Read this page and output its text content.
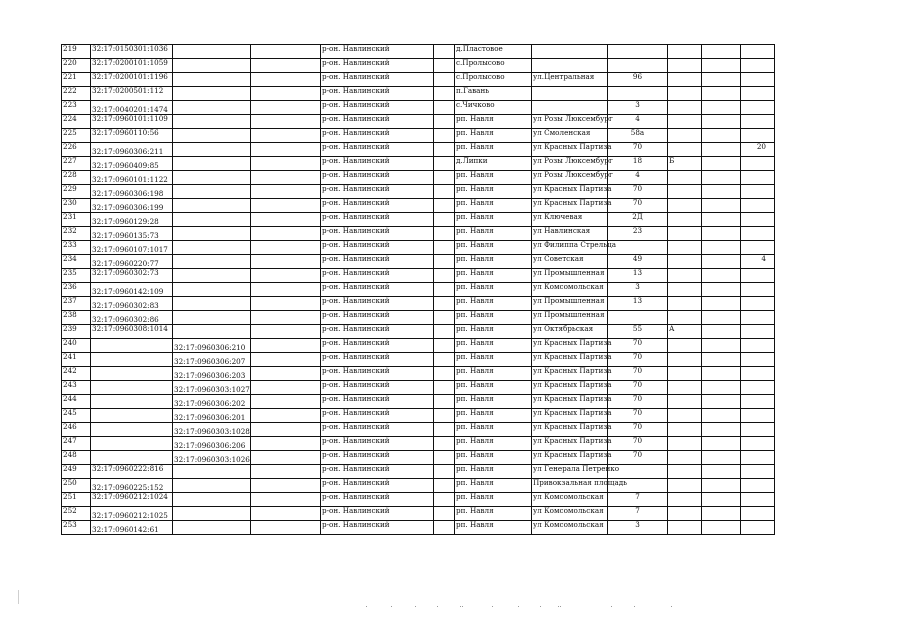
219	32:17:0150301:1036			р-он. Навлинский		д.Пластовое					
220	32:17:0200101:1059			р-он. Навлинский		с.Пролысово					
221	32:17:0200101:1196			р-он. Навлинский		с.Пролысово	ул.Центральная	96			
222	32:17:0200501:112			р-он. Навлинский		п.Гавань					
223	32:17:0040201:1474			р-он. Навлинский		с.Чичково		3			
224	32:17:0960101:1109			р-он. Навлинский		рп. Навля	ул Розы Люксембург	4			
225	32:17:0960110:56			р-он. Навлинский		рп. Навля	ул Смоленская	58а			
226	32:17:0960306:211			р-он. Навлинский		рп. Навля	ул Красных Партиза	70			20
227	32:17:0960409:85			р-он. Навлинский		д.Липки	ул Розы Люксембург	18	Б		
228	32:17:0960101:1122			р-он. Навлинский		рп. Навля	ул Розы Люксембург	4			
229	32:17:0960306:198			р-он. Навлинский		рп. Навля	ул Красных Партиза	70			
230	32:17:0960306:199			р-он. Навлинский		рп. Навля	ул Красных Партиза	70			
231	32:17:0960129:28			р-он. Навлинский		рп. Навля	ул Ключевая	2Д			
232	32:17:0960135:73			р-он. Навлинский		рп. Навля	ул Навлинская	23			
233	32:17:0960107:1017			р-он. Навлинский		рп. Навля	ул Филиппа Стрельца				
234	32:17:0960220:77			р-он. Навлинский		рп. Навля	ул Советская	49			4
235	32:17:0960302:73			р-он. Навлинский		рп. Навля	ул Промышленная	13			
236	32:17:0960142:109			р-он. Навлинский		рп. Навля	ул Комсомольская	3			
237	32:17:0960302:83			р-он. Навлинский		рп. Навля	ул Промышленная	13			
238	32:17:0960302:86			р-он. Навлинский		рп. Навля	ул Промышленная				
239	32:17:0960308:1014			р-он. Навлинский		рп. Навля	ул Октябрьская	55	А		
240		32:17:0960306:210		р-он. Навлинский		рп. Навля	ул Красных Партиза	70			
241		32:17:0960306:207		р-он. Навлинский		рп. Навля	ул Красных Партиза	70			
242		32:17:0960306:203		р-он. Навлинский		рп. Навля	ул Красных Партиза	70			
243		32:17:0960303:1027		р-он. Навлинский		рп. Навля	ул Красных Партиза	70			
244		32:17:0960306:202		р-он. Навлинский		рп. Навля	ул Красных Партиза	70			
245		32:17:0960306:201		р-он. Навлинский		рп. Навля	ул Красных Партиза	70			
246		32:17:0960303:1028		р-он. Навлинский		рп. Навля	ул Красных Партиза	70			
247		32:17:0960306:206		р-он. Навлинский		рп. Навля	ул Красных Партиза	70			
248		32:17:0960303:1026		р-он. Навлинский		рп. Навля	ул Красных Партиза	70			
249	32:17:0960222:816			р-он. Навлинский		рп. Навля	ул Генерала Петренко				
250	32:17:0960225:152			р-он. Навлинский		рп. Навля	Привокзальная площадь				
251	32:17:0960212:1024			р-он. Навлинский		рп. Навля	ул Комсомольская	7			
252	32:17:0960212:1025			р-он. Навлинский		рп. Навля	ул Комсомольская	7			
253	32:17:0960142:61			р-он. Навлинский		рп. Навля	ул Комсомольская	3			
